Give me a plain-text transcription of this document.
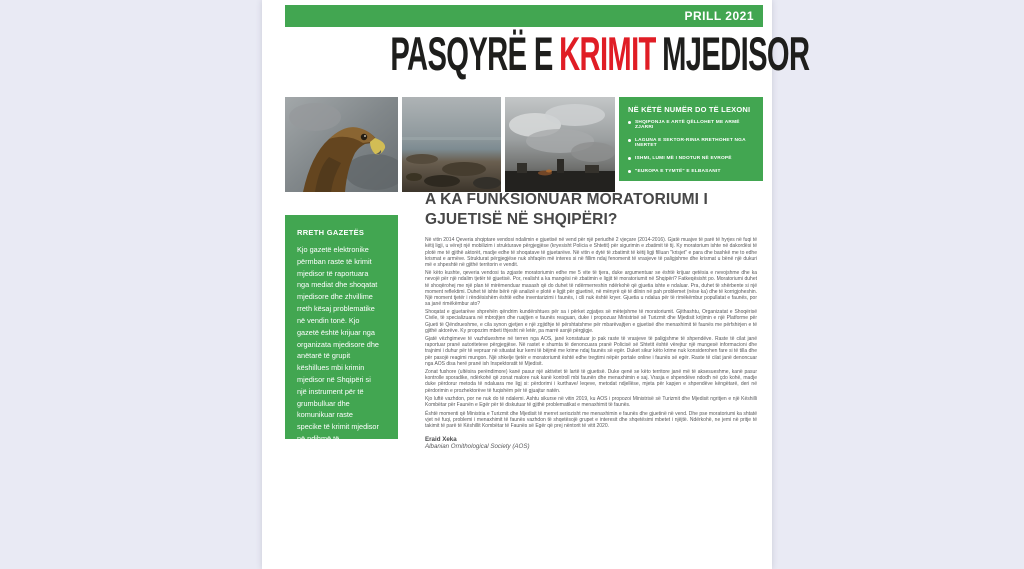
PRILL 2021
PASQYRË E KRIMIT MJEDISOR
NË KËTË NUMËR DO TË LEXONI
SHQIPONJA E ARTË QËLLOHET ME ARMË ZJARRI
LAGUNA E SEKTOR-RINIA RRETHOHET NGA INERTET
ISHMI, LUMI MË I NDOTUR NË EVROPË
"EUROPA E TYMTË" E ELBASANIT
RRETH GAZETËS

Kjo gazetë elektronike përmban raste të krimit mjedisor të raportuara nga mediat dhe shoqatat mjedisore dhe zhvillime rreth kësaj problematike në vendin tonë. Kjo gazetë është krijuar nga organizata mjedisore dhe anëtarë të grupit këshillues mbi krimin mjedisor në Shqipëri si një instrument për të grumbulluar dhe komunikuar raste specike të krimit mjedisor në ndihmë të autoriteteve ligjzbatuese.

A KA FUNKSIONUAR MORATORIUMI I GJUETISË NË SHQIPËRI?

Në vitin 2014 Qeveria shqiptare vendosi ndalimin e gjuetisë në vend për një periudhë 2 vjeçare (2014-2016). Gjatë muajve të parë të hyrjes në fuqi të këtij ligji, u vërejt një mobilizim i strukturave përgjegjëse (kryesisht Policia e Shtetit) për sigurimin e zbatimit të tij. Ky moratorium ishte në dakordësi të plotë me të gjithë aktorët, madje edhe të shoqatave të gjuetarëve. Në vitin e dytë të zbatimit të këtij ligji filluan "krisjet" e para dhe bashkë me to edhe krismat e armëve. Strukturat përgjegjëse nuk shfaqën më interes si në fillim ndaj fenomenit të vrasjeve të paligjshme dhe krismat u bënë një dukuri më e shpeshtë në gjithë territorin e vendit.

Në këto kushte, qeveria vendosi ta zgjaste moratoriumin edhe me 5 vite të tjera, duke argumentuar se është krijuar qetësia e nevojshme dhe ka nevojë për një ndalim tjetër të gjuetisë. Por, realisht a ka mangësi në zbatimin e ligjit të moratoriumit në Shqipëri? Fatkeqësisht po. Moratoriumi duhet të shoqërohej me një plan të mirëmenduar masash që do duhet të ndërmerreshin ndërkohë që gjuetia ishte e ndaluar. Pra, duhet të shërbente si një moment reflektimi. Duhet të ishte bërë një analizë e plotë e ligjit për gjuetinë, në mënyrë që të dilnin në pah problemet (nëse ka) dhe të korrigjoheshin. Një moment tjetër i rëndësishëm është edhe inventarizimi i faunës, i cili nuk është kryer. Gjuetia u ndalua për të rimëkëmbur popullatat e faunës, por sa janë rimëkëmbur ato?

Shoqatat e gjuetarëve shprehën qëndrim kundërshtues për sa i përket zgjatjes së mëtejshme të moratoriumit. Gjithashtu, Organizatat e Shoqërisë Civile, të specializuara në mbrojtjen dhe ruajtjen e faunës reaguan, duke i propozuar Ministrisë së Turizmit dhe Mjedisit krijimin e një Platforme për Gjueti të Qëndrueshme, e cila synon gjetjen e një zgjidhje të përshtatshme për mbarëvajtjen e gjuetisë dhe menaxhimit të faunës me përfshirjen e të gjithë aktorëve. Ky propozim mbeti thjesht në letër, pa marrë asnjë përgjigje.

Gjatë vëzhgimeve të vazhdueshme në terren nga AOS, janë konstatuar jo pak raste të vrasjeve të paligjshme të shpendëve. Raste të cilat janë raportuar pranë autoriteteve përgjegjëse. Në rastet e shumta të denoncuara pranë Policisë së Shtetit është vërejtur një mungesë informacioni dhe trajnimi i duhur për të vepruar në situatat kur kemi të bëjmë me krime ndaj faunës së egër. Duket sikur këto krime nuk konsiderohen fare si të tilla dhe për pasojë reagimi mungon. Një shkelje tjetër e moratoriumit është edhe tregtimi nëpër portale online i faunës së egër. Raste të cilat janë denoncuar nga AOS disa herë pranë ish Inspektoratit të Mjedisit.

Zonat fushore (ultësira perëndimore) kanë pasur një aktivitet të lartë të gjuetisë. Duke qenë se këto territore janë më të aksesueshme, kanë pasur kontrolle sporadike, ndërkohë që zonat malore nuk kanë kontroll mbi faunën dhe menaxhimin e saj. Vrasja e shpendëve ndodh në çdo kohë, madje duke përdorur metoda të ndaluara me ligj si: përdorimi i kurthave/ leqeve, metodat ndjellëse, mjeta për kapjen e shpendëve këngëtarë, deri në përdorimin e prozhektorëve të fuqishëm për të gjuajtur natën.

Kjo luftë vazhdon, por ne nuk do të ndalemi. Ashtu sikurse në vitin 2019, ku AOS i propozoi Ministrisë së Turizmit dhe Mjedisit ngritjen e një Këshilli Kombëtar për Faunën e Egër për të diskutuar të gjithë problematikat e menaxhimit të faunës.

Është momenti që Ministria e Turizmit dhe Mjedisit të merret seriozisht me menaxhimin e faunës dhe gjuetinë në vend. Dhe pse moratoriumi ka shtatë vjet në fuqi, problemi i menaxhimit të faunës vazhdon të shqetësojë grupet e interesit dhe shqetësimi mbetet i njëjtë. Ndërkohë, ne jemi në pritje të takimit të parë të Këshillit Kombëtar të Faunës së Egër që prej nëntorit të vitit 2020.

Eraid Xeka
Albanian Ornithological Society (AOS)
